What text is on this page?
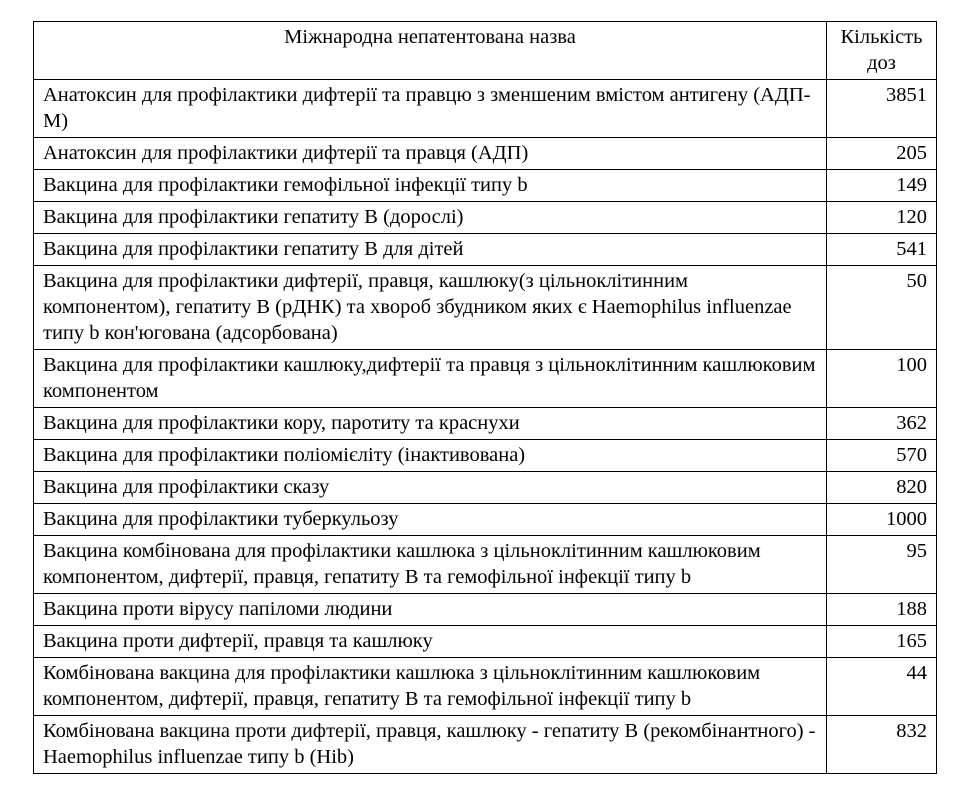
Міжнародна непатентована назва	Кількість доз
Анатоксин для профілактики дифтерії та правцю з зменшеним вмістом антигену (АДП-М)	3851
Анатоксин для профілактики дифтерії та правця (АДП)	205
Вакцина для профілактики гемофільної інфекції типу b	149
Вакцина для профілактики гепатиту В (дорослі)	120
Вакцина для профілактики гепатиту В для дітей	541
Вакцина для профілактики дифтерії, правця, кашлюку(з цільноклітинним компонентом), гепатиту В (рДНК) та хвороб збудником яких є Haemophilus influenzae типу b кон'югована (адсорбована)	50
Вакцина для профілактики кашлюку,дифтерії та правця з цільноклітинним кашлюковим компонентом	100
Вакцина для профілактики кору, паротиту та краснухи	362
Вакцина для профілактики поліомієліту (інактивована)	570
Вакцина для профілактики сказу	820
Вакцина для профілактики туберкульозу	1000
Вакцина комбінована для профілактики кашлюка з цільноклітинним кашлюковим компонентом, дифтерії, правця, гепатиту В та гемофільної інфекції типу b	95
Вакцина проти вірусу папіломи людини	188
Вакцина проти дифтерії, правця та кашлюку	165
Комбінована вакцина для профілактики кашлюка з цільноклітинним кашлюковим компонентом, дифтерії, правця, гепатиту В та гемофільної інфекції типу b	44
Комбінована вакцина проти дифтерії, правця, кашлюку - гепатиту В (рекомбінантного) - Haemophilus influenzae типу b (Hib)	832
